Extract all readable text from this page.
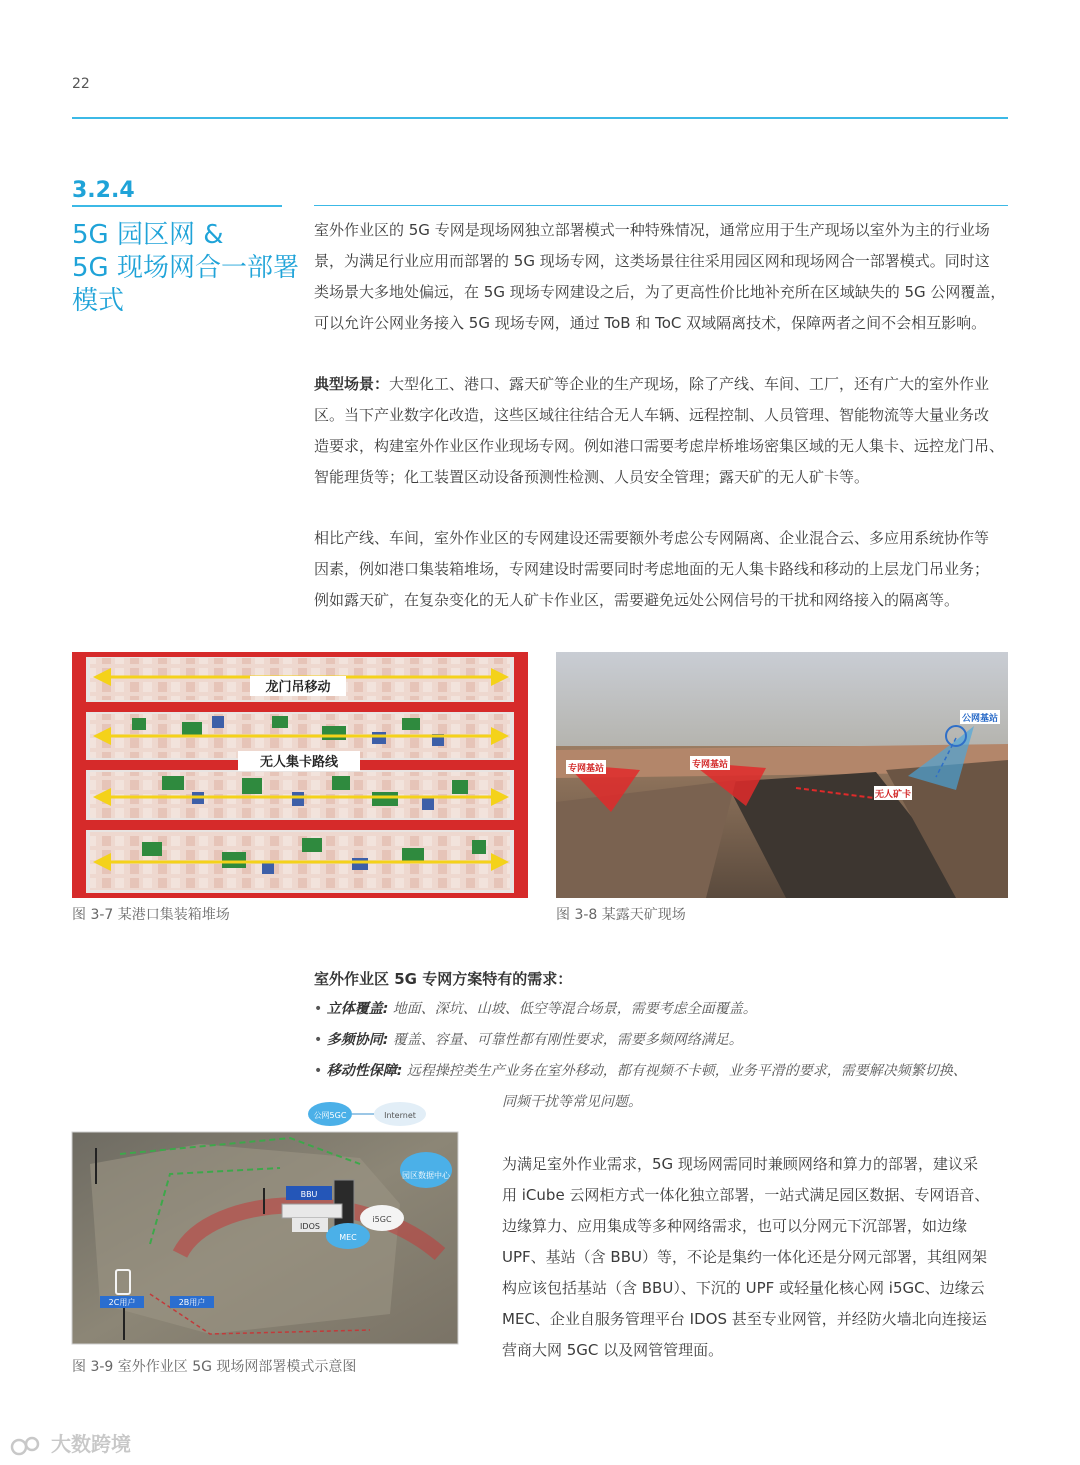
22
3.2.4
5G 园区网 &
5G 现场网合一部署
模式
室外作业区的 5G 专网是现场网独立部署模式一种特殊情况，通常应用于生产现场以室外为主的行业场
景，为满足行业应用而部署的 5G 现场专网，这类场景往往采用园区网和现场网合一部署模式。同时这
类场景大多地处偏远，在 5G 现场专网建设之后，为了更高性价比地补充所在区域缺失的 5G 公网覆盖，
可以允许公网业务接入 5G 现场专网，通过 ToB 和 ToC 双域隔离技术，保障两者之间不会相互影响。
典型场景：大型化工、港口、露天矿等企业的生产现场，除了产线、车间、工厂，还有广大的室外作业
区。当下产业数字化改造，这些区域往往结合无人车辆、远程控制、人员管理、智能物流等大量业务改
造要求，构建室外作业区作业现场专网。例如港口需要考虑岸桥堆场密集区域的无人集卡、远控龙门吊、
智能理货等；化工装置区动设备预测性检测、人员安全管理；露天矿的无人矿卡等。
相比产线、车间，室外作业区的专网建设还需要额外考虑公专网隔离、企业混合云、多应用系统协作等
因素，例如港口集装箱堆场，专网建设时需要同时考虑地面的无人集卡路线和移动的上层龙门吊业务；
例如露天矿，在复杂变化的无人矿卡作业区，需要避免远处公网信号的干扰和网络接入的隔离等。
龙门吊移动
无人集卡路线
图 3-7 某港口集装箱堆场
专网基站	专网基站
公网基站
无人矿卡
图 3-8 某露天矿现场
室外作业区 5G 专网方案特有的需求：
• 立体覆盖: 地面、深坑、山坡、低空等混合场景，需要考虑全面覆盖。
• 多频协同: 覆盖、容量、可靠性都有刚性要求，需要多频网络满足。
• 移动性保障: 远程操控类生产业务在室外移动，都有视频不卡顿，业务平滑的要求，需要解决频繁切换、
同频干扰等常见问题。
公网5GC	Internet
园区数据中心
BBU
IDOS
i5GC
MEC
2C用户	2B用户
图 3-9 室外作业区 5G 现场网部署模式示意图
为满足室外作业需求，5G 现场网需同时兼顾网络和算力的部署，建议采
用 iCube 云网柜方式一体化独立部署，一站式满足园区数据、专网语音、
边缘算力、应用集成等多种网络需求，也可以分网元下沉部署，如边缘
UPF、基站（含 BBU）等，不论是集约一体化还是分网元部署，其组网架
构应该包括基站（含 BBU）、下沉的 UPF 或轻量化核心网 i5GC、边缘云
MEC、企业自服务管理平台 IDOS 甚至专业网管，并经防火墙北向连接运
营商大网 5GC 以及网管管理面。
大数跨境
